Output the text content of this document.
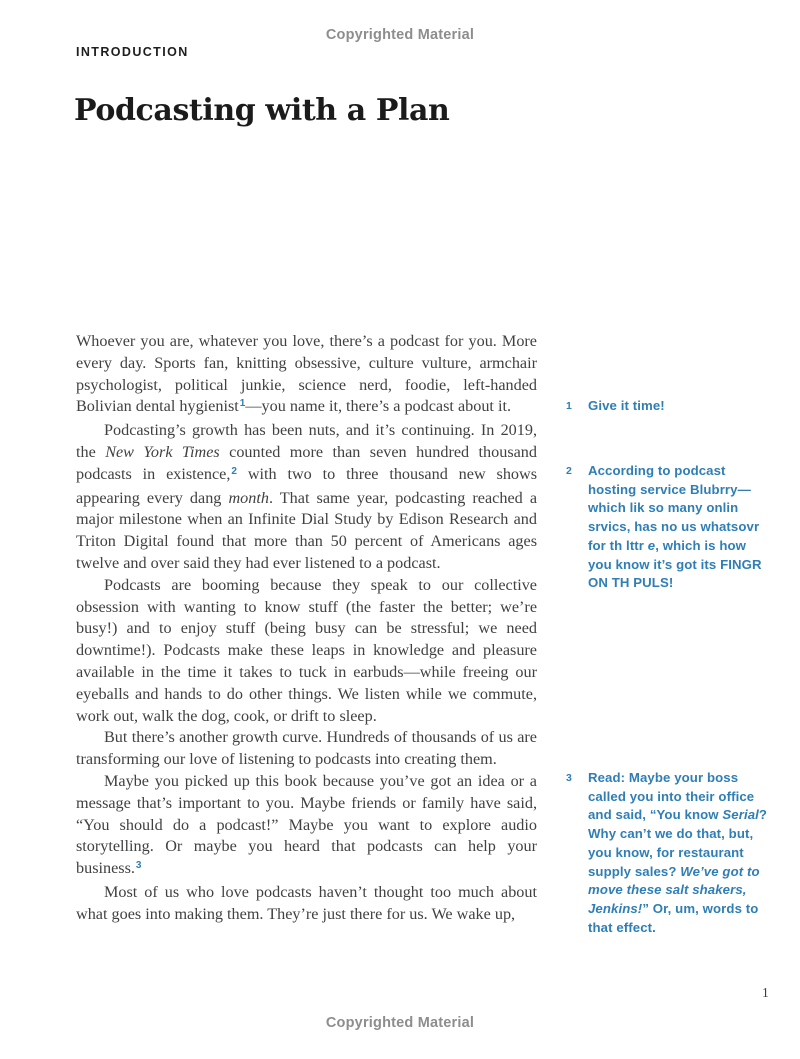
Copyrighted Material
INTRODUCTION
Podcasting with a Plan

Whoever you are, whatever you love, there’s a podcast for you. More every day. Sports fan, knitting obsessive, culture vulture, armchair psychologist, political junkie, science nerd, foodie, left-handed Bolivian dental hygienist$^1$—you name it, there’s a podcast about it.

Podcasting’s growth has been nuts, and it’s continuing. In 2019, the New York Times counted more than seven hundred thousand podcasts in existence,$^2$ with two to three thousand new shows appearing every dang month. That same year, podcasting reached a major milestone when an Infinite Dial Study by Edison Research and Triton Digital found that more than 50 percent of Americans ages twelve and over said they had ever listened to a podcast.

Podcasts are booming because they speak to our collective obsession with wanting to know stuff (the faster the better; we’re busy!) and to enjoy stuff (being busy can be stressful; we need downtime!). Podcasts make these leaps in knowledge and pleasure available in the time it takes to tuck in earbuds—while freeing our eyeballs and hands to do other things. We listen while we commute, work out, walk the dog, cook, or drift to sleep.

But there’s another growth curve. Hundreds of thousands of us are transforming our love of listening to podcasts into creating them.

Maybe you picked up this book because you’ve got an idea or a message that’s important to you. Maybe friends or family have said, “You should do a podcast!” Maybe you want to explore audio storytelling. Or maybe you heard that podcasts can help your business.$^3$

Most of us who love podcasts haven’t thought too much about what goes into making them. They’re just there for us. We wake up,

1	Give it time!
2	According to podcast hosting service Blubrry—which lik so many onlin srvics, has no us whatsovr for th lttr e, which is how you know it’s got its FINGR ON TH PULS!
3	Read: Maybe your boss called you into their office and said, “You know Serial? Why can’t we do that, but, you know, for restaurant supply sales? We’ve got to move these salt shakers, Jenkins!” Or, um, words to that effect.
1
Copyrighted Material
